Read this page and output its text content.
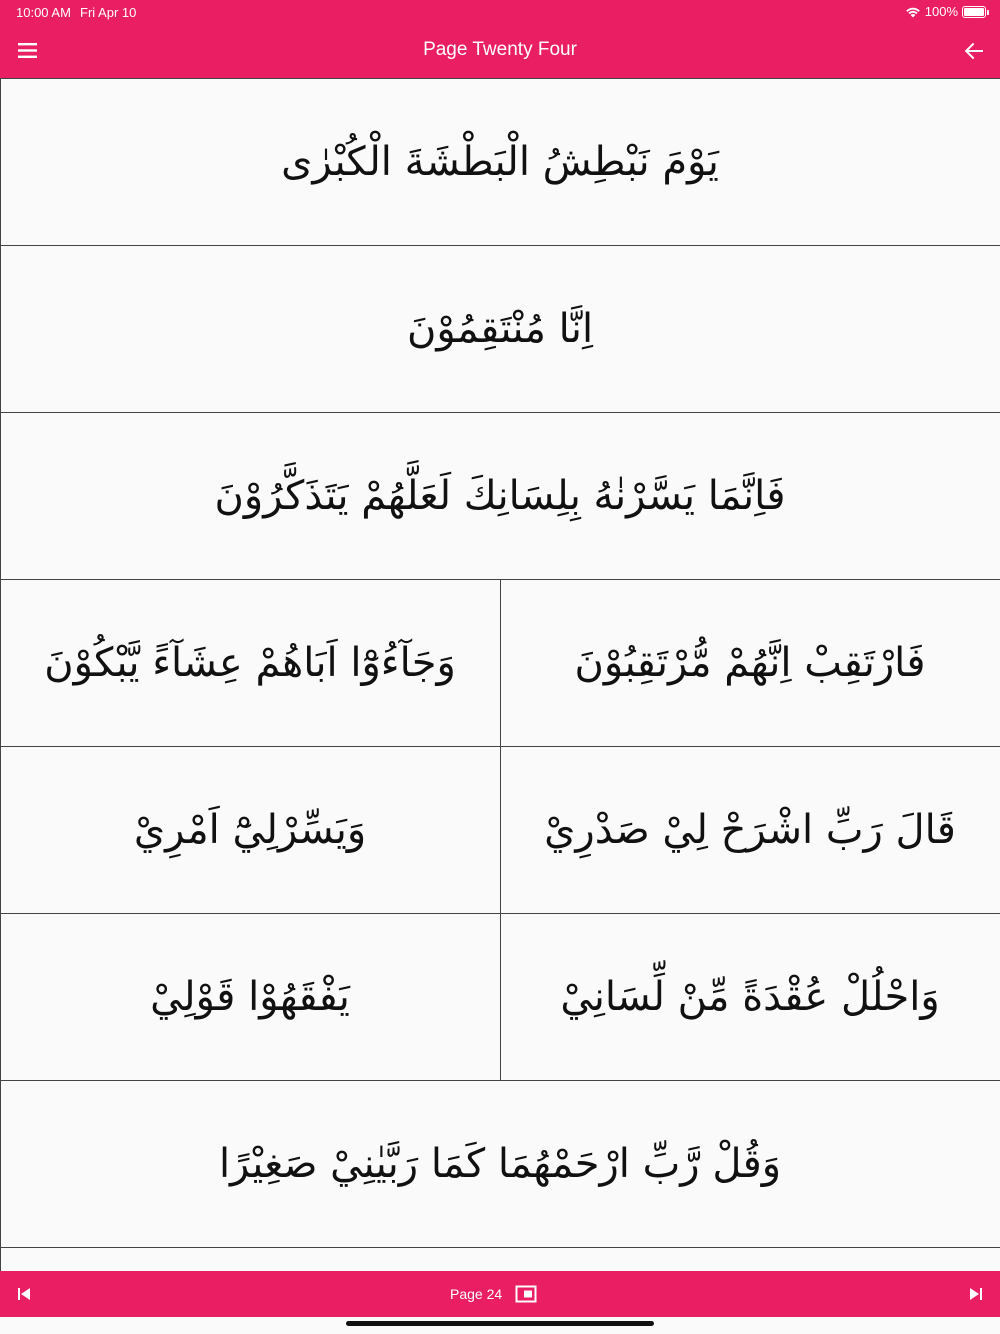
10:00 AM Fri Apr 10	100%
Page Twenty Four
يَوْمَ نَبْطِشُ الْبَطْشَةَ الْكُبْرٰى
اِنَّا مُنْتَقِمُوْنَ
فَاِنَّمَا يَسَّرْنٰهُ بِلِسَانِكَ لَعَلَّهُمْ يَتَذَكَّرُوْنَ
فَارْتَقِبْ اِنَّهُمْ مُّرْتَقِبُوْنَ
وَجَآءُوْٓا اَبَاهُمْ عِشَآءً يَّبْكُوْنَ
قَالَ رَبِّ اشْرَحْ لِيْ صَدْرِيْ
وَيَسِّرْلِيْٓ اَمْرِيْ
وَاحْلُلْ عُقْدَةً مِّنْ لِّسَانِيْ
يَفْقَهُوْا قَوْلِيْ
وَقُلْ رَّبِّ ارْحَمْهُمَا كَمَا رَبَّيٰنِيْ صَغِيْرًا
Page 24
